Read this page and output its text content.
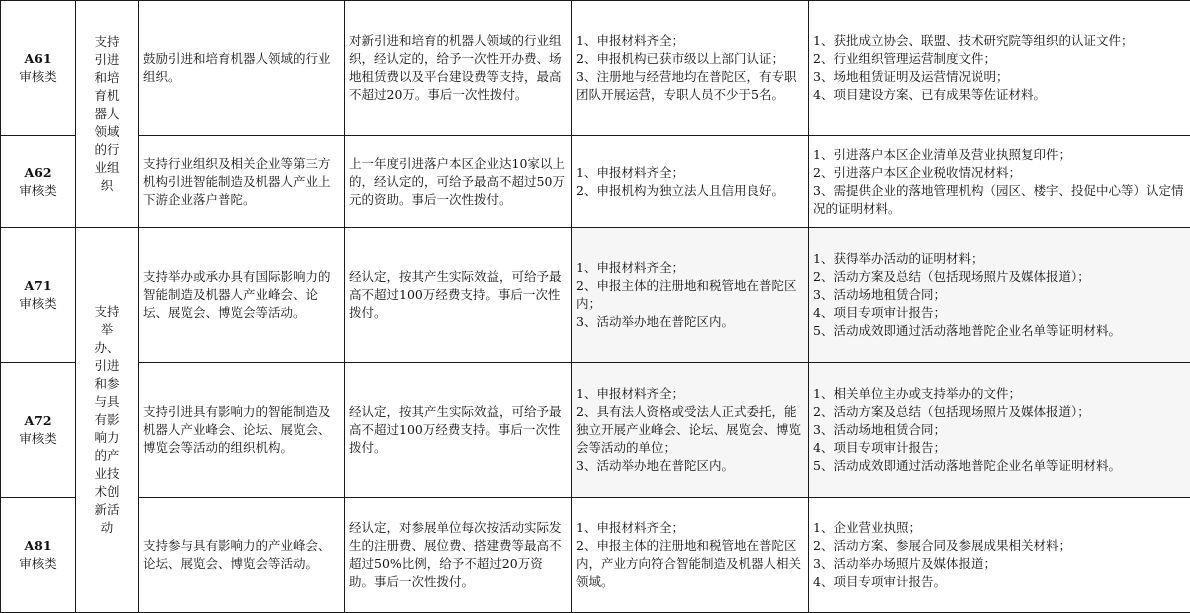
A61
审核类	支持引进和培育机器人领域的行业组织	鼓励引进和培育机器人领域的行业组织。	对新引进和培育的机器人领域的行业组织，经认定的，给予一次性开办费、场地租赁费以及平台建设费等支持，最高不超过20万。事后一次性拨付。	1、申报材料齐全；
2、申报机构已获市级以上部门认证；
3、注册地与经营地均在普陀区，有专职团队开展运营，专职人员不少于5名。	1、获批成立协会、联盟、技术研究院等组织的认证文件；
2、行业组织管理运营制度文件；
3、场地租赁证明及运营情况说明；
4、项目建设方案、已有成果等佐证材料。

A62
审核类		支持行业组织及相关企业等第三方机构引进智能制造及机器人产业上下游企业落户普陀。	上一年度引进落户本区企业达10家以上的，经认定的，可给予最高不超过50万元的资助。事后一次性拨付。	1、申报材料齐全；
2、申报机构为独立法人且信用良好。	1、引进落户本区企业清单及营业执照复印件；
2、引进落户本区企业税收情况材料；
3、需提供企业的落地管理机构（园区、楼宇、投促中心等）认定情况的证明材料。

A71
审核类	支持举办、引进和参与具有影响力的产业技术创新活动	支持举办或承办具有国际影响力的智能制造及机器人产业峰会、论坛、展览会、博览会等活动。	经认定，按其产生实际效益，可给予最高不超过100万经费支持。事后一次性拨付。	1、申报材料齐全；
2、申报主体的注册地和税管地在普陀区内；
3、活动举办地在普陀区内。	1、获得举办活动的证明材料；
2、活动方案及总结（包括现场照片及媒体报道）；
3、活动场地租赁合同；
4、项目专项审计报告；
5、活动成效即通过活动落地普陀企业名单等证明材料。

A72
审核类		支持引进具有影响力的智能制造及机器人产业峰会、论坛、展览会、博览会等活动的组织机构。	经认定，按其产生实际效益，可给予最高不超过100万经费支持。事后一次性拨付。	1、申报材料齐全；
2、具有法人资格或受法人正式委托，能独立开展产业峰会、论坛、展览会、博览会等活动的单位；
3、活动举办地在普陀区内。	1、相关单位主办或支持举办的文件；
2、活动方案及总结（包括现场照片及媒体报道）；
3、活动场地租赁合同；
4、项目专项审计报告；
5、活动成效即通过活动落地普陀企业名单等证明材料。

A81
审核类		支持参与具有影响力的产业峰会、论坛、展览会、博览会等活动。	经认定，对参展单位每次按活动实际发生的注册费、展位费、搭建费等最高不超过50%比例，给予不超过20万资助。事后一次性拨付。	1、申报材料齐全；
2、申报主体的注册地和税管地在普陀区内，产业方向符合智能制造及机器人相关领域。	1、企业营业执照；
2、活动方案、参展合同及参展成果相关材料；
3、活动举办场照片及媒体报道；
4、项目专项审计报告。
